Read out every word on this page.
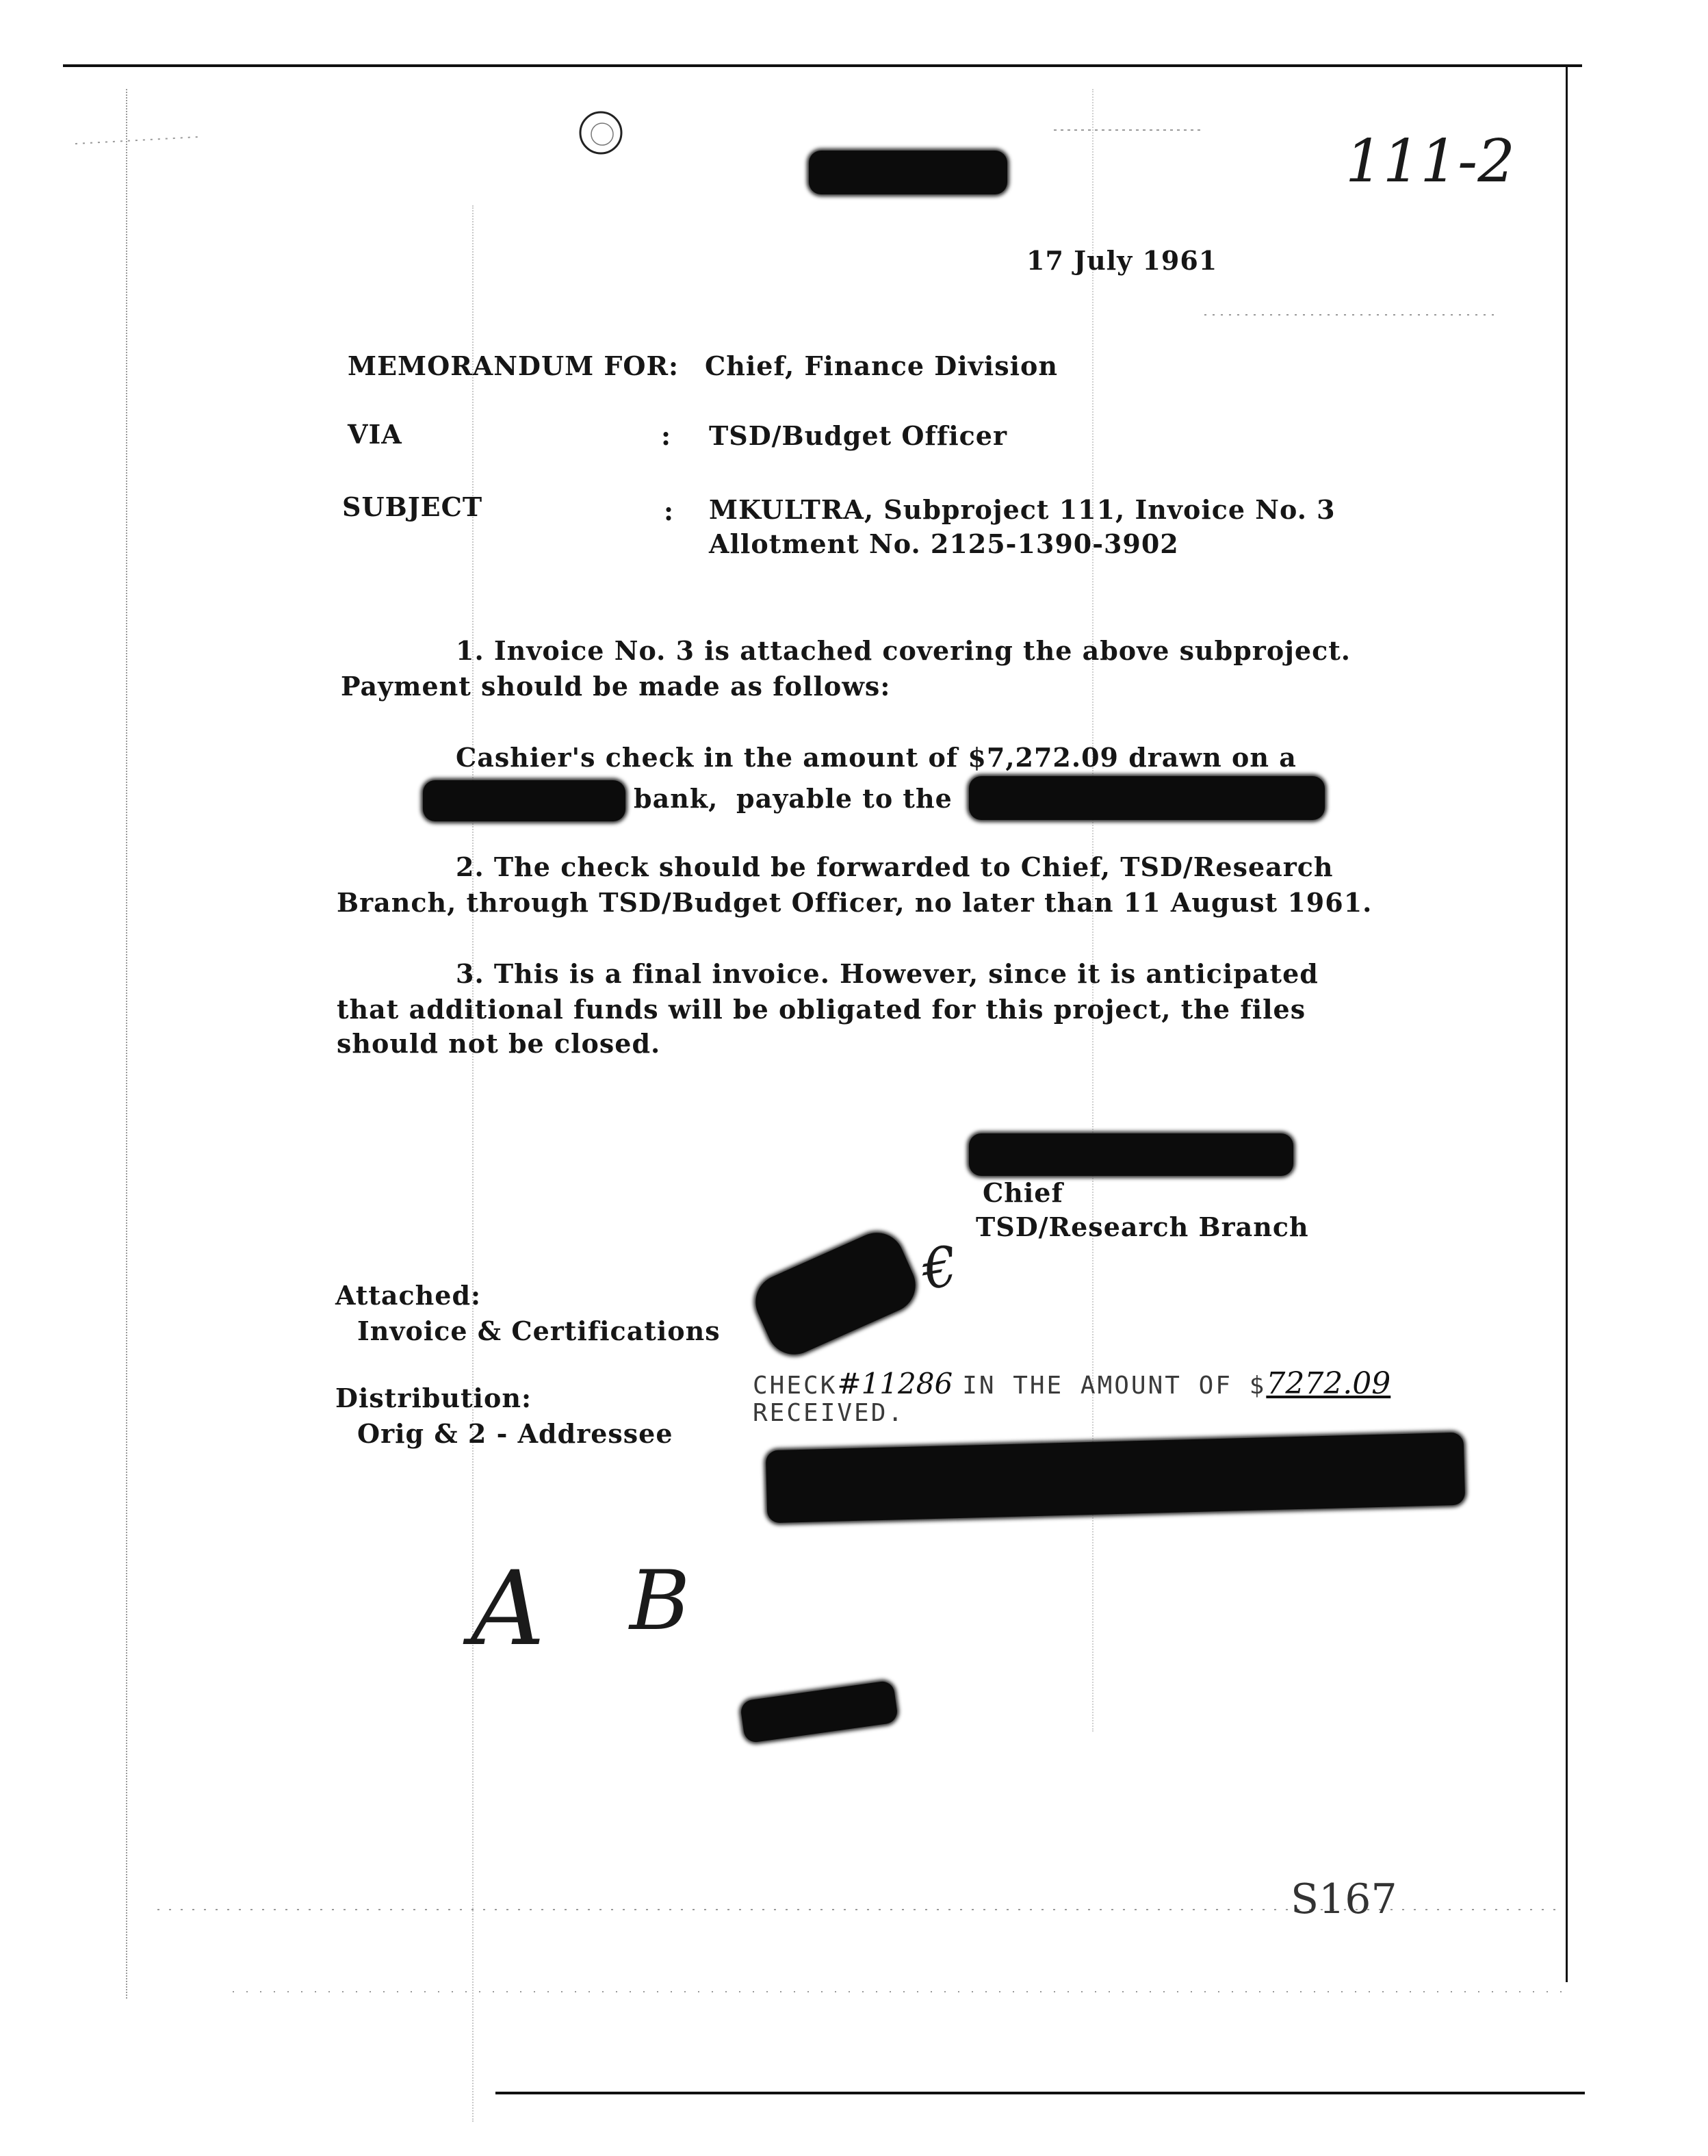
111-2
17 July 1961
MEMORANDUM FOR: Chief, Finance Division
VIA	: TSD/Budget Officer
SUBJECT	: MKULTRA, Subproject 111, Invoice No. 3
Allotment No. 2125-1390-3902
1. Invoice No. 3 is attached covering the above subproject.
Payment should be made as follows:
Cashier's check in the amount of $7,272.09 drawn on a
bank, payable to the
2. The check should be forwarded to Chief, TSD/Research
Branch, through TSD/Budget Officer, no later than 11 August 1961.
3. This is a final invoice. However, since it is anticipated
that additional funds will be obligated for this project, the files
should not be closed.
Chief
TSD/Research Branch
Attached:
Invoice & Certifications
€
Distribution:
Orig & 2 - Addressee
CHECK#11286 IN THE AMOUNT OF $7272.09
RECEIVED.
A B
S167
